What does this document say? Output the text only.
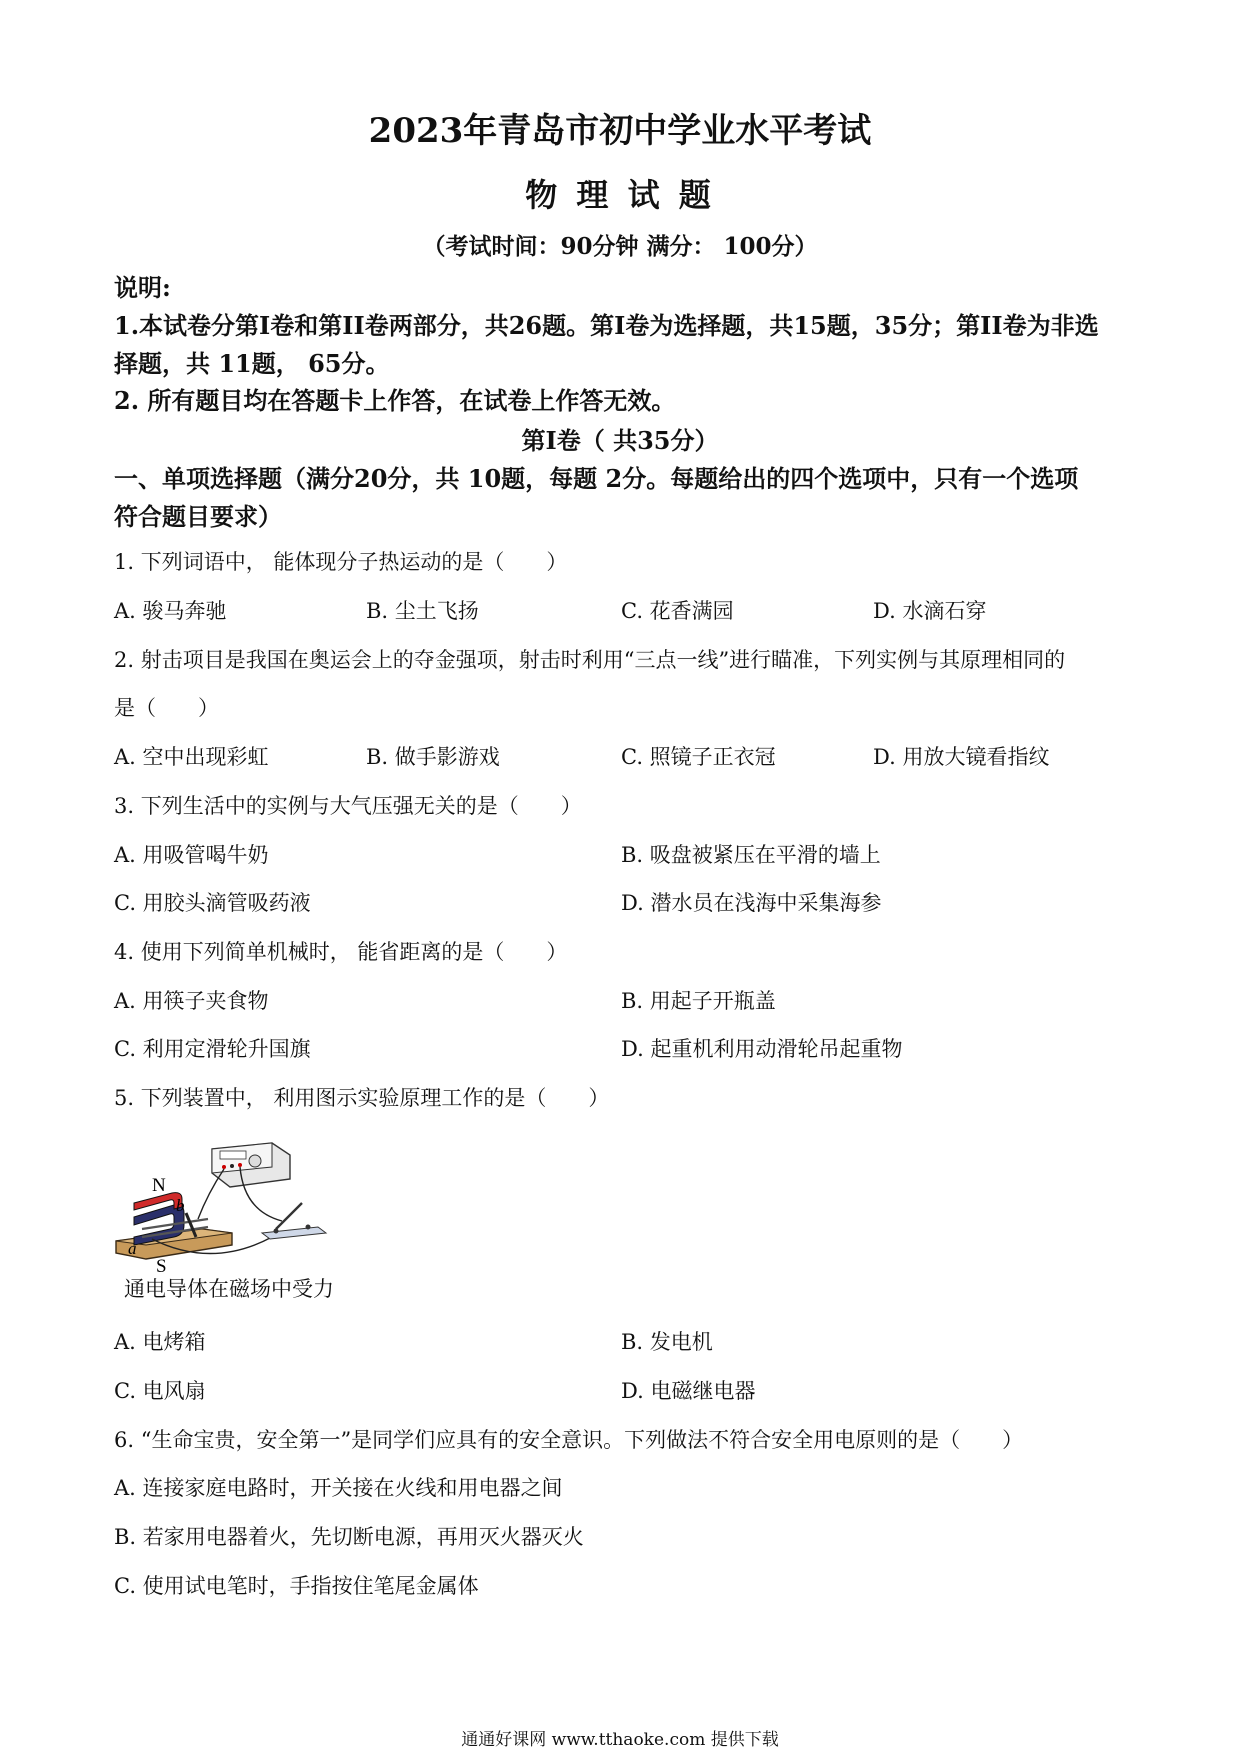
2023年青岛市初中学业水平考试
物 理 试 题
（考试时间：90分钟 满分： 100分）
说明:
1.本试卷分第I卷和第II卷两部分，共26题。第I卷为选择题，共15题，35分；第II卷为非选
择题，共 11题， 65分。
2. 所有题目均在答题卡上作答，在试卷上作答无效。
第I卷（ 共35分）
一、单项选择题（满分20分，共 10题，每题 2分。每题给出的四个选项中，只有一个选项
符合题目要求）
1. 下列词语中， 能体现分子热运动的是（　　）
A. 骏马奔驰	B. 尘土飞扬	C. 花香满园	D. 水滴石穿
2. 射击项目是我国在奥运会上的夺金强项，射击时利用“三点一线”进行瞄准，下列实例与其原理相同的
是（　　）
A. 空中出现彩虹	B. 做手影游戏	C. 照镜子正衣冠	D. 用放大镜看指纹
3. 下列生活中的实例与大气压强无关的是（　　）
A. 用吸管喝牛奶	B. 吸盘被紧压在平滑的墙上
C. 用胶头滴管吸药液	D. 潜水员在浅海中采集海参
4. 使用下列简单机械时， 能省距离的是（　　）
A. 用筷子夹食物	B. 用起子开瓶盖
C. 利用定滑轮升国旗	D. 起重机利用动滑轮吊起重物
5. 下列装置中， 利用图示实验原理工作的是（　　）
N
b
a
S
通电导体在磁场中受力
A. 电烤箱	B. 发电机
C. 电风扇	D. 电磁继电器
6. “生命宝贵，安全第一”是同学们应具有的安全意识。下列做法不符合安全用电原则的是（　　）
A. 连接家庭电路时，开关接在火线和用电器之间
B. 若家用电器着火，先切断电源，再用灭火器灭火
C. 使用试电笔时，手指按住笔尾金属体
通通好课网 www.tthaoke.com 提供下载
